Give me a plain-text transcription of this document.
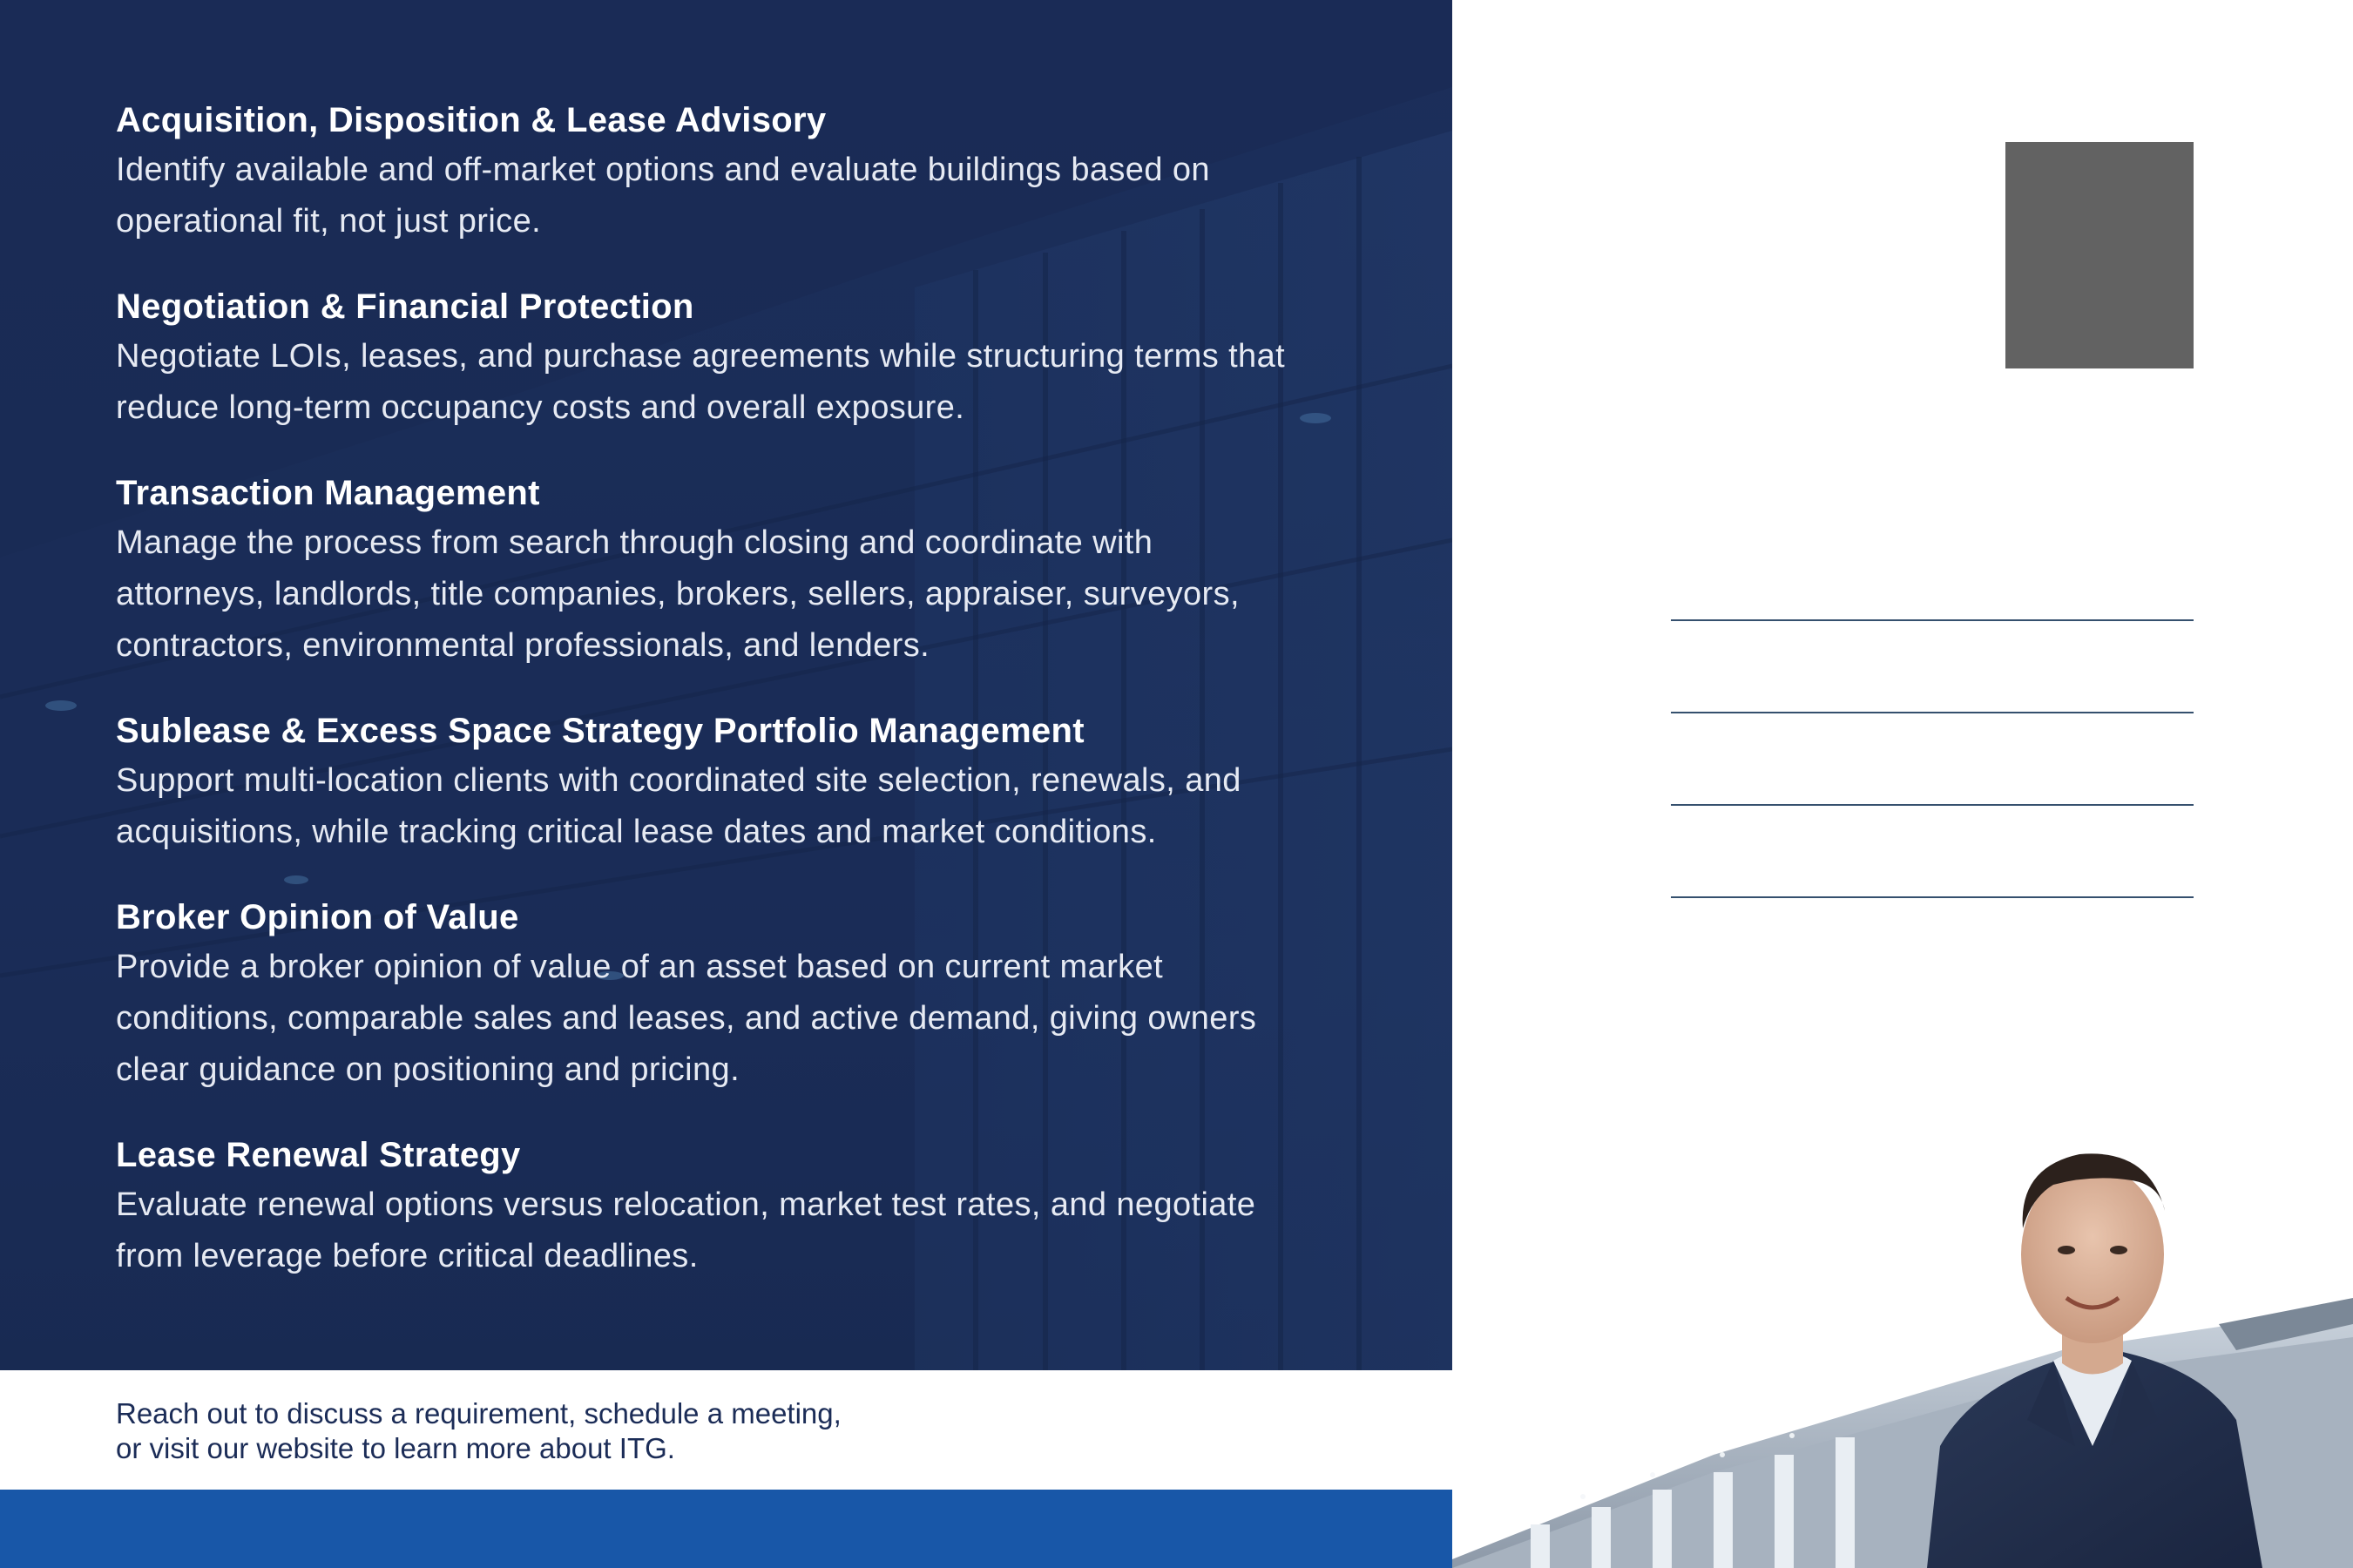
Acquisition, Disposition & Lease Advisory
Identify available and off-market options and evaluate buildings based on
operational fit, not just price.
Negotiation & Financial Protection
Negotiate LOIs, leases, and purchase agreements while structuring terms that
reduce long-term occupancy costs and overall exposure.
Transaction Management
Manage the process from search through closing and coordinate with
attorneys, landlords, title companies, brokers, sellers, appraiser, surveyors,
contractors, environmental professionals, and lenders.
Sublease & Excess Space Strategy Portfolio Management
Support multi-location clients with coordinated site selection, renewals, and
acquisitions, while tracking critical lease dates and market conditions.
Broker Opinion of Value
Provide a broker opinion of value of an asset based on current market
conditions, comparable sales and leases, and active demand, giving owners
clear guidance on positioning and pricing.
Lease Renewal Strategy
Evaluate renewal options versus relocation, market test rates, and negotiate
from leverage before critical deadlines.
Reach out to discuss a requirement, schedule a meeting,
or visit our website to learn more about ITG.
